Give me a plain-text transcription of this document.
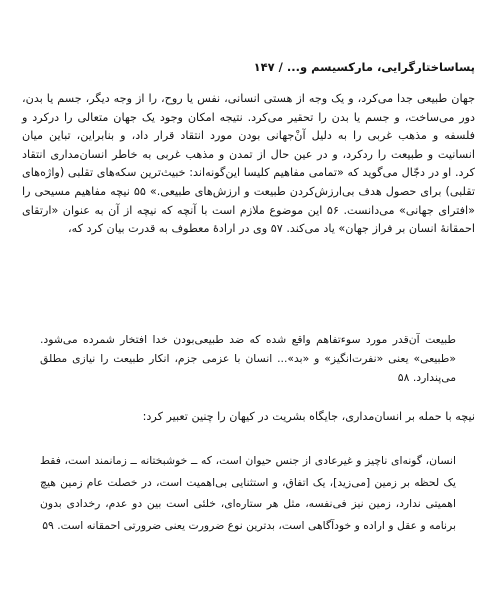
پساساختارگرایی، مارکسیسم و... / ۱۴۷

جهان طبیعی جدا می‌کرد، و یک وجه از هستی انسانی، نفس یا روح، را از وجه دیگر، جسم یا بدن، دور می‌ساخت، و جسم یا بدن را تحقیر می‌کرد. نتیجه امکان وجود یک جهان متعالی را درکرد و فلسفه و مذهب غربی را به دلیل آنْ‌جهانی بودن مورد انتقاد قرار داد، و بنابراین، تباین میان انسانیت و طبیعت را ردکرد، و در عین حال از تمدن و مذهب غربی به خاطر انسان‌مداری انتقاد کرد. او در دجّال می‌گوید که «تمامی مفاهیم کلیسا این‌گونه‌اند: خبیث‌ترین سکه‌های تقلبی (واژه‌های تقلبی) برای حصول هدف بی‌ارزش‌کردن طبیعت و ارزش‌های طبیعی.» ۵۵ نیچه مفاهیم مسیحی را «افترای جهانی» می‌دانست. ۵۶ این موضوع ملازم است با آنچه که نیچه از آن به عنوان «ارتقای احمقانهٔ انسان بر فراز جهان» یاد می‌کند. ۵۷ وی در ارادهٔ معطوف به قدرت بیان کرد که،

طبیعت آن‌قدر مورد سوء‌تفاهم واقع شده که ضد طبیعی‌بودن خدا افتخار شمرده می‌شود. «طبیعی» یعنی «نفرت‌انگیز» و «بد»... انسان با عزمی جزم، انکار طبیعت را نیازی مطلق می‌پندارد. ۵۸

نیچه با حمله بر انسان‌مداری، جایگاه بشریت در کیهان را چنین تعبیر کرد:

انسان، گونه‌ای ناچیز و غیرعادی از جنس حیوان است، که ــ خوشبختانه ــ زمانمند است، فقط یک لحظه بر زمین [می‌زید]، یک اتفاق، و استثنایی بی‌اهمیت است، در خصلت عام زمین هیچ اهمیتی ندارد، زمین نیز فی‌نفسه، مثل هر ستاره‌ای، خلئی است بین دو عدم، رخدادی بدون برنامه و عقل و اراده و خودآگاهی است، بدترین نوع ضرورت یعنی ضرورتی احمقانه است. ۵۹
